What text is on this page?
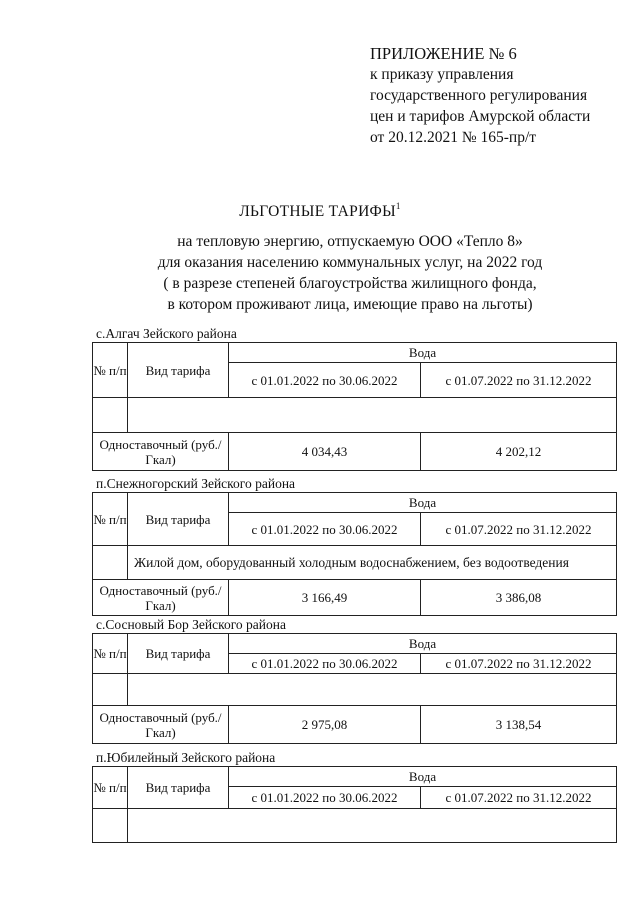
ПРИЛОЖЕНИЕ № 6
к приказу управления
государственного регулирования
цен и тарифов Амурской области
от 20.12.2021 № 165-пр/т
ЛЬГОТНЫЕ ТАРИФЫ$^1$
на тепловую энергию, отпускаемую ООО «Тепло 8»
для оказания населению коммунальных услуг, на 2022 год
( в разрезе степеней благоустройства жилищного фонда,
в котором проживают лица, имеющие право на льготы)
с.Алгач Зейского района
№ п/п	Вид тарифа	Вода	
		с 01.01.2022 по 30.06.2022	с 01.07.2022 по 31.12.2022

Одноставочный (руб./Гкал)		4 034,43	4 202,12
п.Снежногорский Зейского района
№ п/п	Вид тарифа	Вода	
		с 01.01.2022 по 30.06.2022	с 01.07.2022 по 31.12.2022
	Жилой дом, оборудованный холодным водоснабжением, без водоотведения		
Одноставочный (руб./Гкал)		3 166,49	3 386,08
с.Сосновый Бор Зейского района
№ п/п	Вид тарифа	Вода	
		с 01.01.2022 по 30.06.2022	с 01.07.2022 по 31.12.2022

Одноставочный (руб./Гкал)		2 975,08	3 138,54
п.Юбилейный Зейского района
№ п/п	Вид тарифа	Вода	
		с 01.01.2022 по 30.06.2022	с 01.07.2022 по 31.12.2022
